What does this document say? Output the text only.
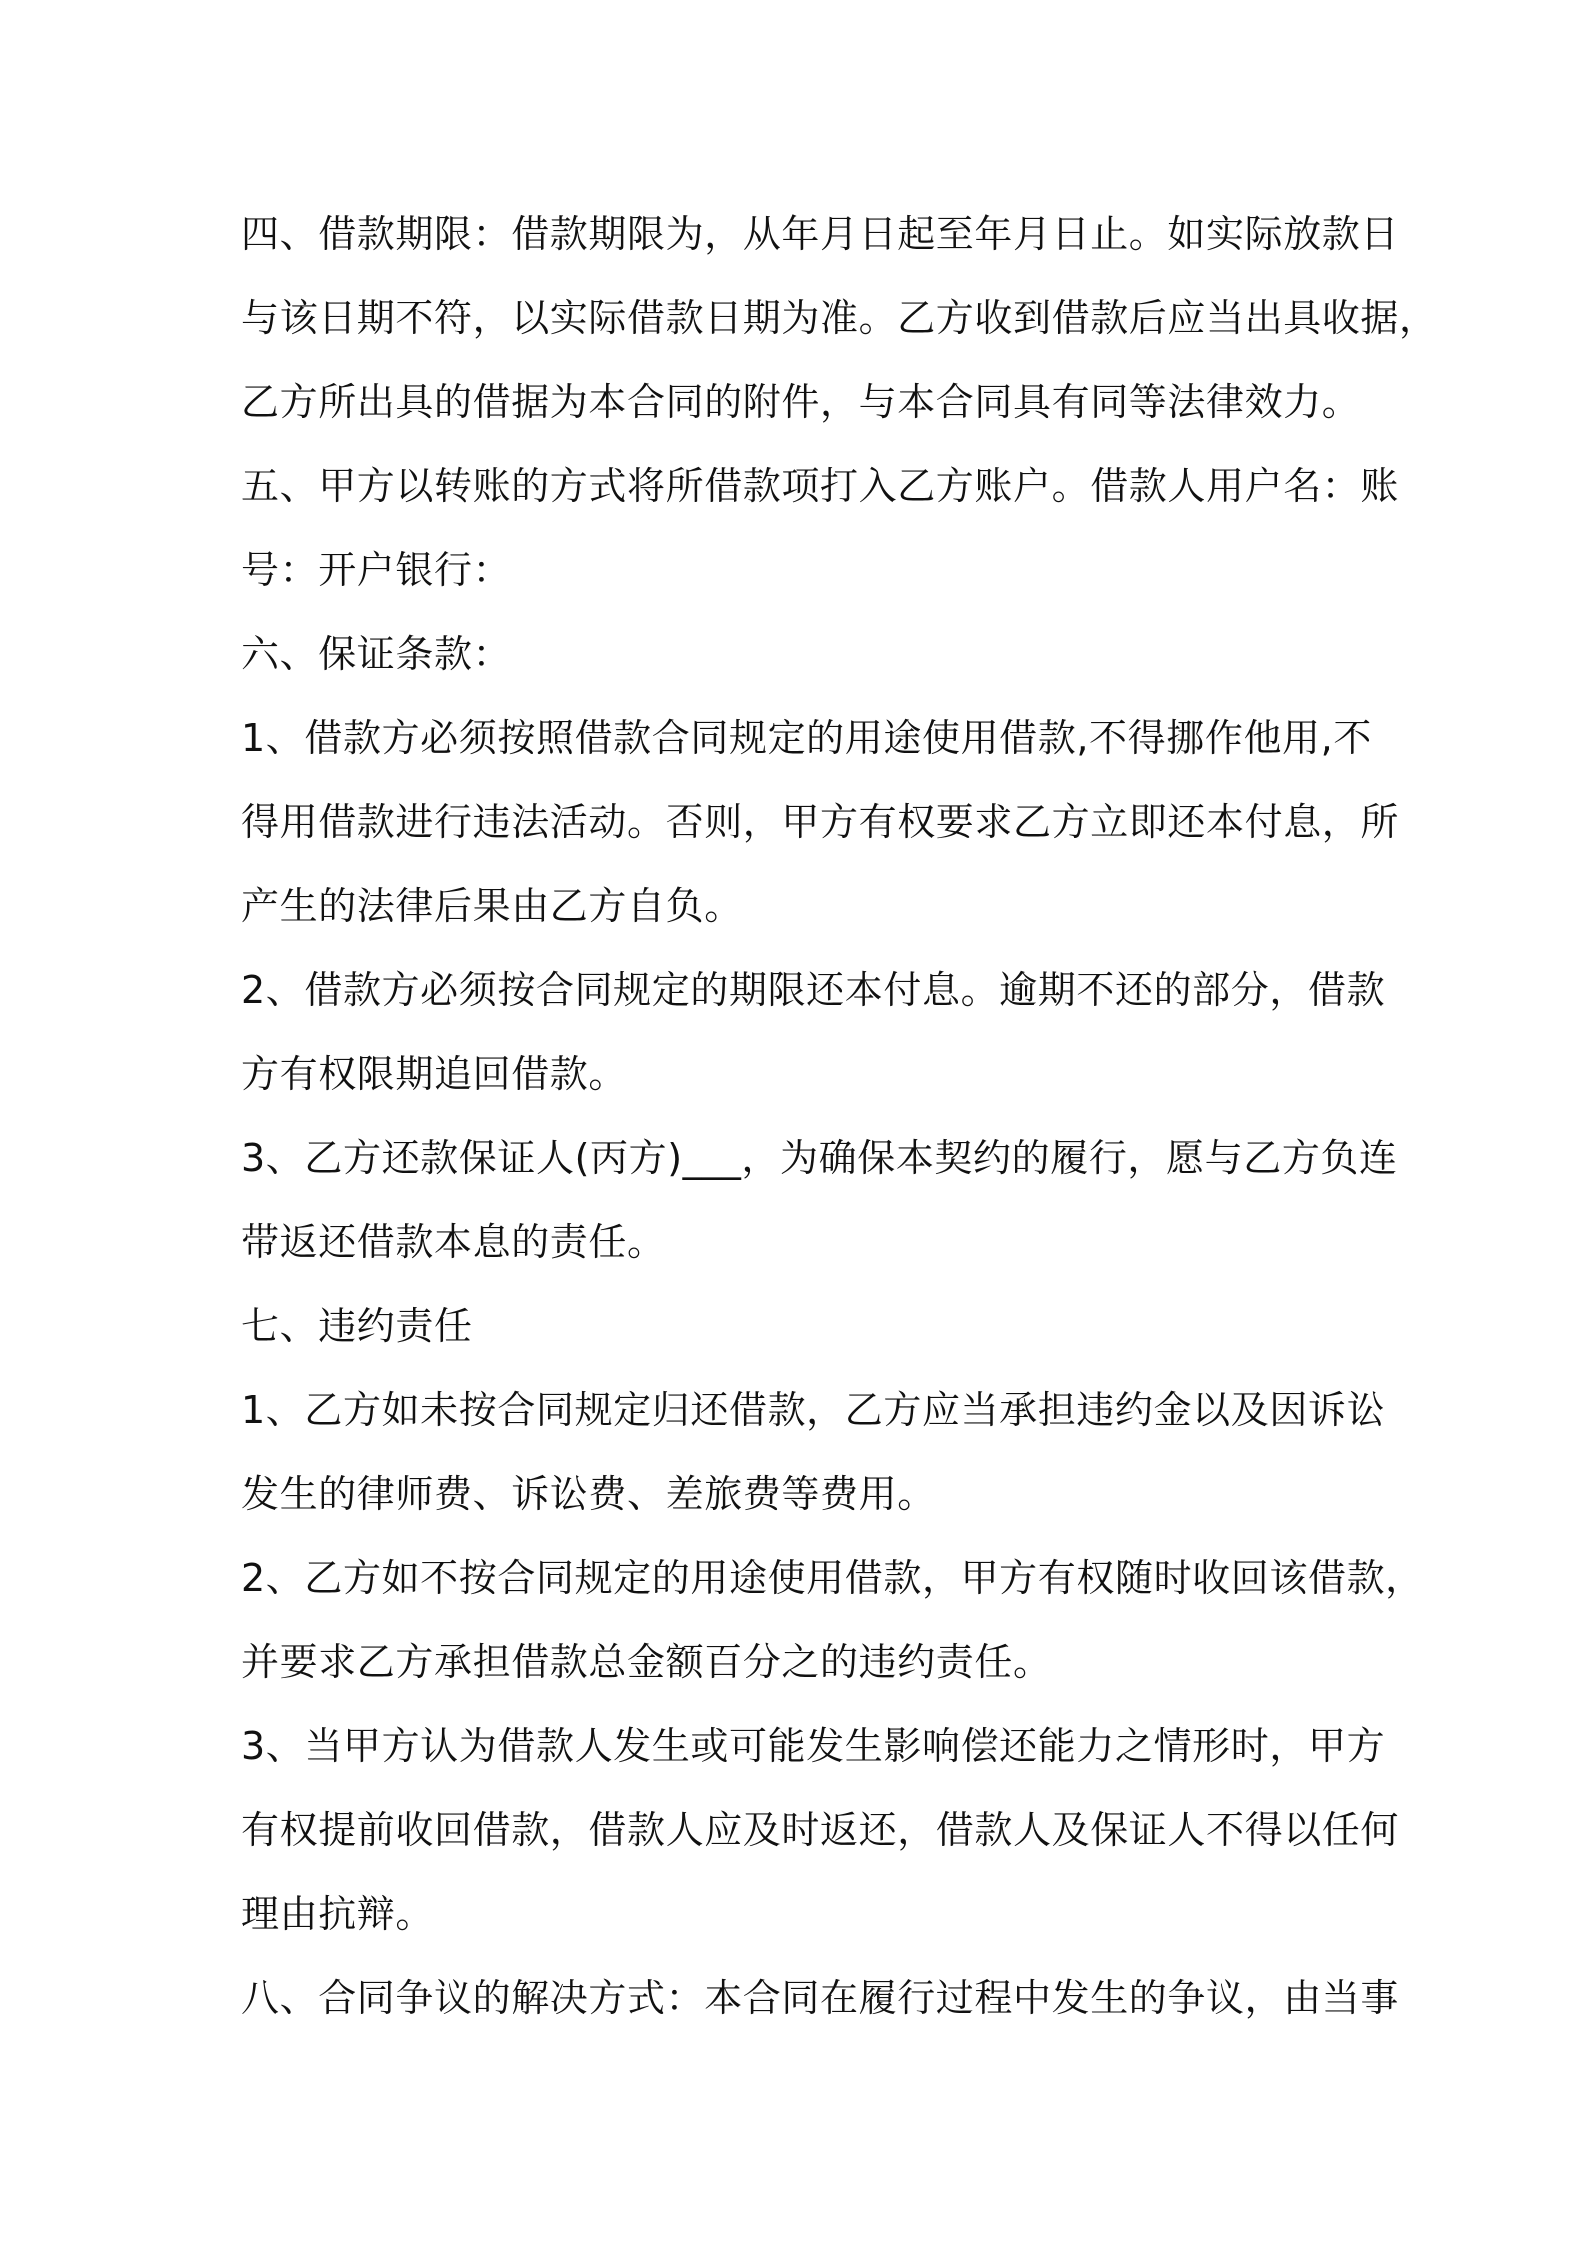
四、借款期限：借款期限为，从年月日起至年月日止。如实际放款日
与该日期不符，以实际借款日期为准。乙方收到借款后应当出具收据，
乙方所出具的借据为本合同的附件，与本合同具有同等法律效力。
五、甲方以转账的方式将所借款项打入乙方账户。借款人用户名：账
号：开户银行：
六、保证条款：
1、借款方必须按照借款合同规定的用途使用借款,不得挪作他用,不
得用借款进行违法活动。否则，甲方有权要求乙方立即还本付息，所
产生的法律后果由乙方自负。
2、借款方必须按合同规定的期限还本付息。逾期不还的部分，借款
方有权限期追回借款。
3、乙方还款保证人(丙方)___，为确保本契约的履行，愿与乙方负连
带返还借款本息的责任。
七、违约责任
1、乙方如未按合同规定归还借款，乙方应当承担违约金以及因诉讼
发生的律师费、诉讼费、差旅费等费用。
2、乙方如不按合同规定的用途使用借款，甲方有权随时收回该借款，
并要求乙方承担借款总金额百分之的违约责任。
3、当甲方认为借款人发生或可能发生影响偿还能力之情形时，甲方
有权提前收回借款，借款人应及时返还，借款人及保证人不得以任何
理由抗辩。
八、合同争议的解决方式：本合同在履行过程中发生的争议，由当事
